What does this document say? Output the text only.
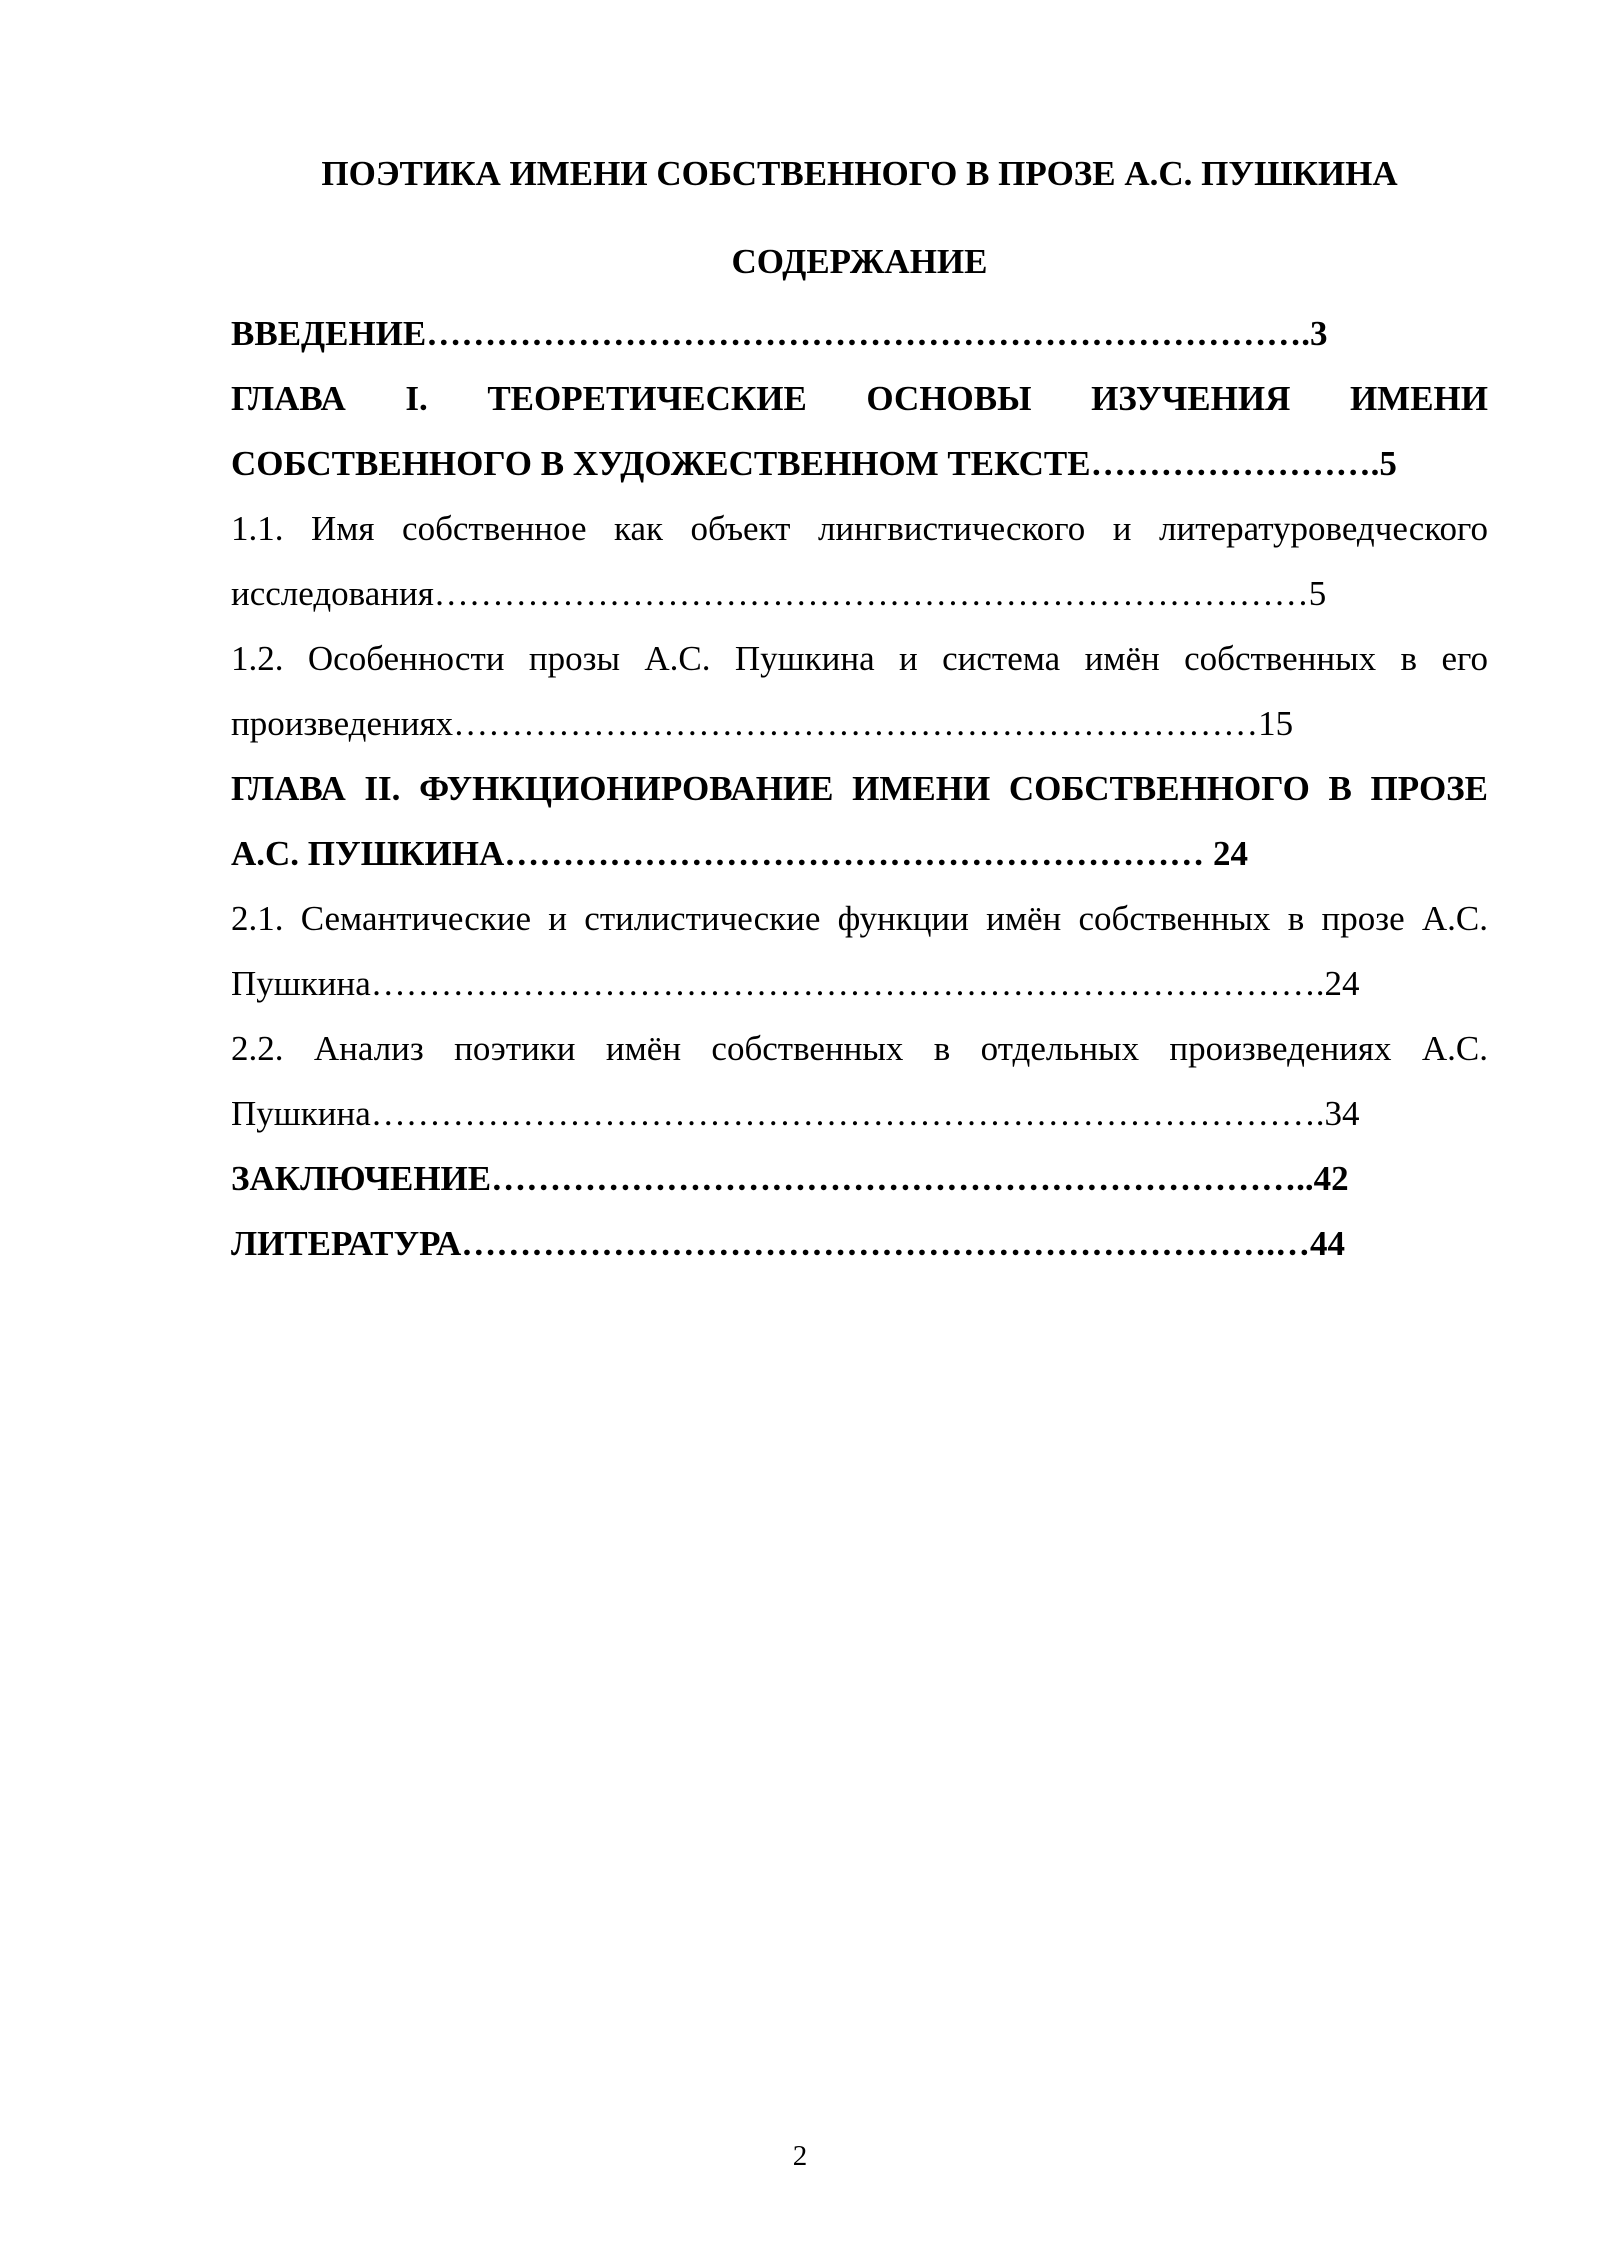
ПОЭТИКА ИМЕНИ СОБСТВЕННОГО В ПРОЗЕ А.С. ПУШКИНА
СОДЕРЖАНИЕ
ВВЕДЕНИЕ………………………………………………………………….3
ГЛАВА I. ТЕОРЕТИЧЕСКИЕ ОСНОВЫ ИЗУЧЕНИЯ ИМЕНИ СОБСТВЕННОГО В ХУДОЖЕСТВЕННОМ ТЕКСТЕ…………………….5
1.1. Имя собственное как объект лингвистического и литературоведческого исследования…………………………………………………………………5
1.2. Особенности прозы А.С. Пушкина и система имён собственных в его произведениях……………………………………………………………15
ГЛАВА II. ФУНКЦИОНИРОВАНИЕ ИМЕНИ СОБСТВЕННОГО В ПРОЗЕ А.С. ПУШКИНА…………………………………………………… 24
2.1. Семантические и стилистические функции имён собственных в прозе А.С. Пушкина……………………………………………………………………….24
2.2. Анализ поэтики имён собственных в отдельных произведениях А.С. Пушкина……………………………………………………………………….34
ЗАКЛЮЧЕНИЕ……………………………………………………………..42
ЛИТЕРАТУРА…………………………………………………………….…44
2
